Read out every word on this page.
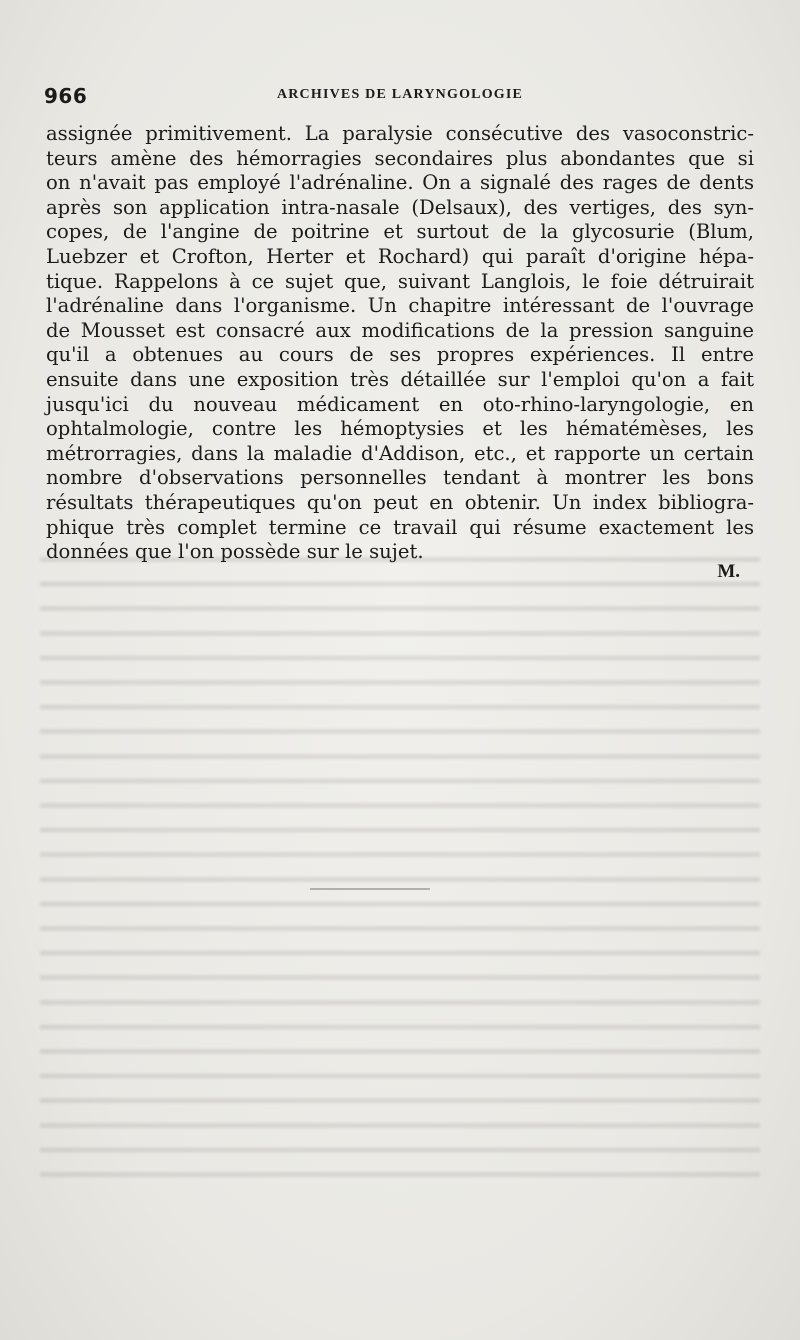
966	ARCHIVES DE LARYNGOLOGIE
assignée primitivement. La paralysie consécutive des vasoconstric-
teurs amène des hémorragies secondaires plus abondantes que si
on n'avait pas employé l'adrénaline. On a signalé des rages de dents
après son application intra-nasale (Delsaux), des vertiges, des syn-
copes, de l'angine de poitrine et surtout de la glycosurie (Blum,
Luebzer et Crofton, Herter et Rochard) qui paraît d'origine hépa-
tique. Rappelons à ce sujet que, suivant Langlois, le foie détruirait
l'adrénaline dans l'organisme. Un chapitre intéressant de l'ouvrage
de Mousset est consacré aux modifications de la pression sanguine
qu'il a obtenues au cours de ses propres expériences. Il entre
ensuite dans une exposition très détaillée sur l'emploi qu'on a fait
jusqu'ici du nouveau médicament en oto-rhino-laryngologie, en
ophtalmologie, contre les hémoptysies et les hématémèses, les
métrorragies, dans la maladie d'Addison, etc., et rapporte un certain
nombre d'observations personnelles tendant à montrer les bons
résultats thérapeutiques qu'on peut en obtenir. Un index bibliogra-
phique très complet termine ce travail qui résume exactement les
données que l'on possède sur le sujet.
M.
